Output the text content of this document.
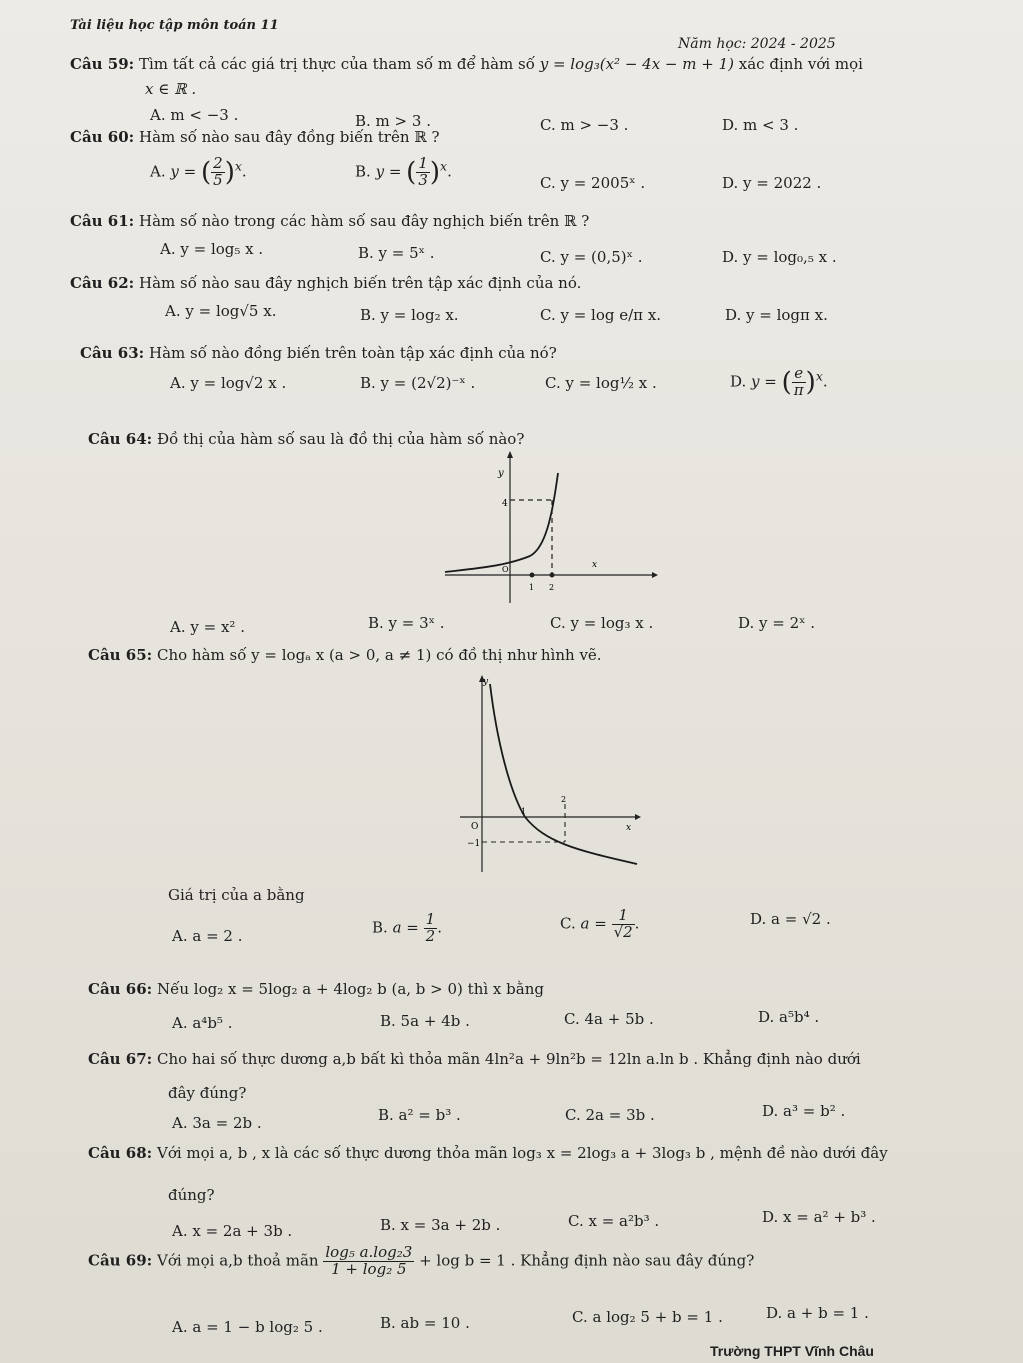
Tài liệu học tập môn toán 11
Năm học: 2024 - 2025
Câu 59: Tìm tất cả các giá trị thực của tham số m để hàm số y = log₃(x² − 4x − m + 1) xác định với mọi
x ∈ ℝ .
A. m < −3 .	B. m > 3 .	C. m > −3 .	D. m < 3 .
Câu 60: Hàm số nào sau đây đồng biến trên ℝ ?
A. y = ( $\frac{2}{5} )^x$.	B. y = ( $\frac{1}{3} )^x$.
C. y = 2005ˣ .	D. y = 2022 .
Câu 61: Hàm số nào trong các hàm số sau đây nghịch biến trên ℝ ?
A. y = log₅ x .	B. y = 5ˣ .	C. y = (0,5)ˣ .	D. y = log₀,₅ x .
Câu 62: Hàm số nào sau đây nghịch biến trên tập xác định của nó.
A. y = log√5 x.	B. y = log₂ x.	C. y = log e/π x.	D. y = logπ x.
Câu 63: Hàm số nào đồng biến trên toàn tập xác định của nó?
A. y = log√2 x .	B. y = (2√2)⁻ˣ .	C. y = log½ x .	D. y = ( $\frac{e}{\pi} )^x$.
Câu 64: Đồ thị của hàm số sau là đồ thị của hàm số nào?
y
4
x
O
1 2
A. y = x² .	B. y = 3ˣ .	C. y = log₃ x .	D. y = 2ˣ .
Câu 65: Cho hàm số y = logₐ x (a > 0, a ≠ 1) có đồ thị như hình vẽ.
y
x
O
1
2
−1
Giá trị của a bằng
A. a = 2 .	B. $a = \frac{1}{2}$ .	C. $a = \frac{1}{√2}$ .	D. a = √2 .
Câu 66: Nếu log₂ x = 5log₂ a + 4log₂ b (a, b > 0) thì x bằng
A. a⁴b⁵ .	B. 5a + 4b .	C. 4a + 5b .	D. a⁵b⁴ .
Câu 67: Cho hai số thực dương a,b bất kì thỏa mãn 4ln²a + 9ln²b = 12ln a.ln b . Khẳng định nào dưới
đây đúng?
A. 3a = 2b .	B. a² = b³ .	C. 2a = 3b .	D. a³ = b² .
Câu 68: Với mọi a, b , x là các số thực dương thỏa mãn log₃ x = 2log₃ a + 3log₃ b , mệnh đề nào dưới đây
đúng?
A. x = 2a + 3b .	B. x = 3a + 2b .	C. x = a²b³ .	D. x = a² + b³ .
Câu 69: Với mọi a,b thoả mãn $\frac{\text{log₅ a.log₂3}}{\text{1 + log₂ 5}} + \log b = 1$ . Khẳng định nào sau đây đúng?
A. a = 1 − b log₂ 5 .	B. ab = 10 .	C. a log₂ 5 + b = 1 .	D. a + b = 1 .
Trường THPT Vĩnh Châu
